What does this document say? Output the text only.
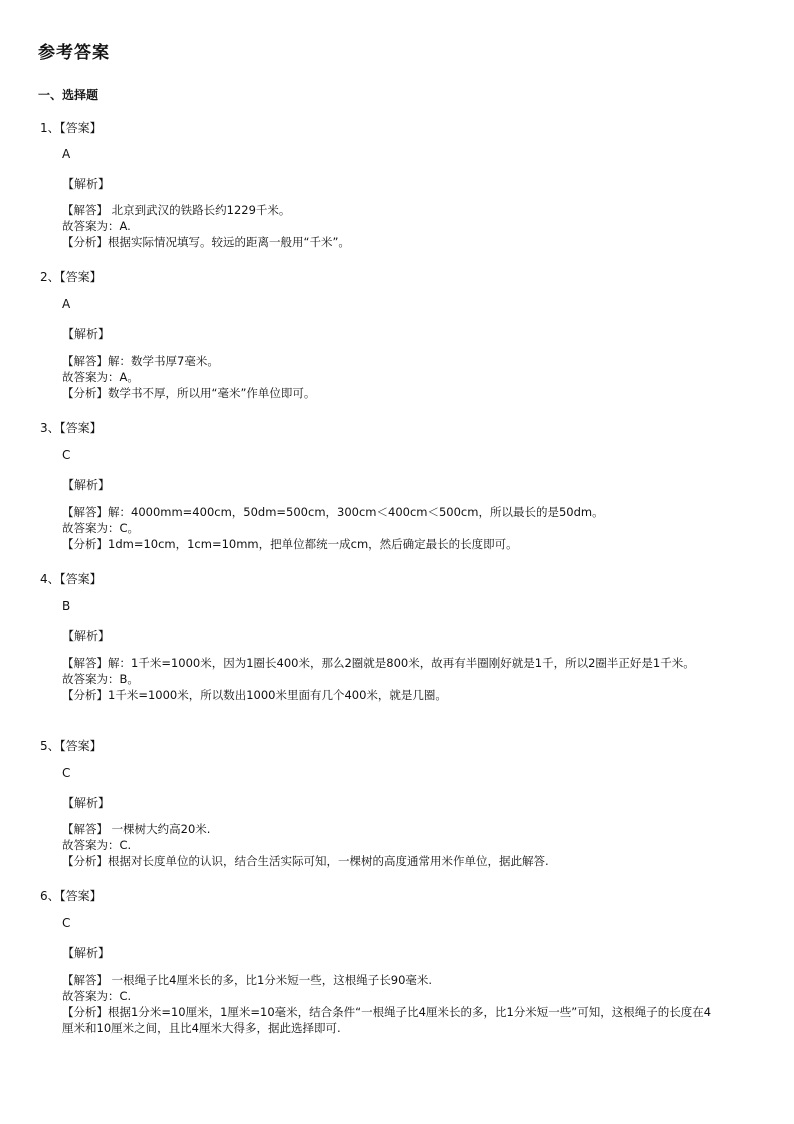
参考答案
一、选择题
1、【答案】
A
【解析】
【解答】 北京到武汉的铁路长约1229千米。
故答案为：A.
【分析】根据实际情况填写。较远的距离一般用“千米”。
2、【答案】
A
【解析】
【解答】解：数学书厚7毫米。
故答案为：A。
【分析】数学书不厚，所以用“毫米”作单位即可。
3、【答案】
C
【解析】
【解答】解：4000mm=400cm，50dm=500cm，300cm＜400cm＜500cm，所以最长的是50dm。
故答案为：C。
【分析】1dm=10cm，1cm=10mm，把单位都统一成cm，然后确定最长的长度即可。
4、【答案】
B
【解析】
【解答】解：1千米=1000米，因为1圈长400米，那么2圈就是800米，故再有半圈刚好就是1千，所以2圈半正好是1千米。
故答案为：B。
【分析】1千米=1000米，所以数出1000米里面有几个400米，就是几圈。
5、【答案】
C
【解析】
【解答】 一棵树大约高20米.
故答案为：C.
【分析】根据对长度单位的认识，结合生活实际可知，一棵树的高度通常用米作单位，据此解答.
6、【答案】
C
【解析】
【解答】 一根绳子比4厘米长的多，比1分米短一些，这根绳子长90毫米.
故答案为：C.
【分析】根据1分米=10厘米，1厘米=10毫米，结合条件“一根绳子比4厘米长的多，比1分米短一些”可知，这根绳子的长度在4厘米和10厘米之间，且比4厘米大得多，据此选择即可.
